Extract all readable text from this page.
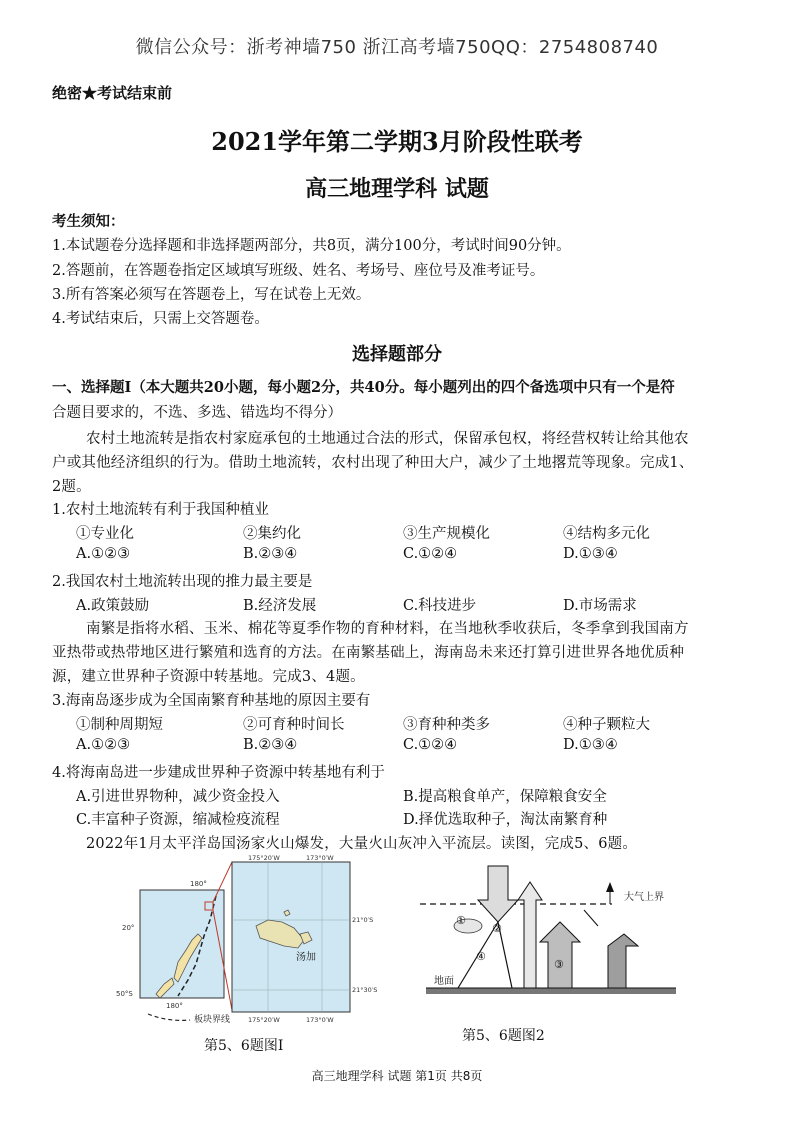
微信公众号：浙考神墙750 浙江高考墙750QQ：2754808740
绝密★考试结束前
2021学年第二学期3月阶段性联考
高三地理学科 试题
考生须知：
1.本试题卷分选择题和非选择题两部分，共8页，满分100分，考试时间90分钟。
2.答题前，在答题卷指定区域填写班级、姓名、考场号、座位号及准考证号。
3.所有答案必须写在答题卷上，写在试卷上无效。
4.考试结束后，只需上交答题卷。
选择题部分
一、选择题Ⅰ（本大题共20小题，每小题2分，共40分。每小题列出的四个备选项中只有一个是符
合题目要求的，不选、多选、错选均不得分）
农村土地流转是指农村家庭承包的土地通过合法的形式，保留承包权，将经营权转让给其他农
户或其他经济组织的行为。借助土地流转，农村出现了种田大户，减少了土地撂荒等现象。完成1、
2题。
1.农村土地流转有利于我国种植业
①专业化	②集约化	③生产规模化	④结构多元化
A.①②③	B.②③④	C.①②④	D.①③④
2.我国农村土地流转出现的推力最主要是
A.政策鼓励	B.经济发展	C.科技进步	D.市场需求
南繁是指将水稻、玉米、棉花等夏季作物的育种材料，在当地秋季收获后，冬季拿到我国南方
亚热带或热带地区进行繁殖和选育的方法。在南繁基础上，海南岛未来还打算引进世界各地优质种
源，建立世界种子资源中转基地。完成3、4题。
3.海南岛逐步成为全国南繁育种基地的原因主要有
①制种周期短	②可育种时间长	③育种种类多	④种子颗粒大
A.①②③	B.②③④	C.①②④	D.①③④
4.将海南岛进一步建成世界种子资源中转基地有利于
A.引进世界物种，减少资金投入	B.提高粮食单产，保障粮食安全
C.丰富种子资源，缩减检疫流程	D.择优选取种子，淘汰南繁育种
2022年1月太平洋岛国汤家火山爆发，大量火山灰冲入平流层。读图，完成5、6题。
20°
50°S
180°
180°
板块界线
汤加
175°20′W	173°0′W
175°20′W	173°0′W
21°0′S
21°30′S
第5、6题图Ⅰ
大气上界
地面
①
②
③
④
第5、6题图2
高三地理学科 试题 第1页 共8页
